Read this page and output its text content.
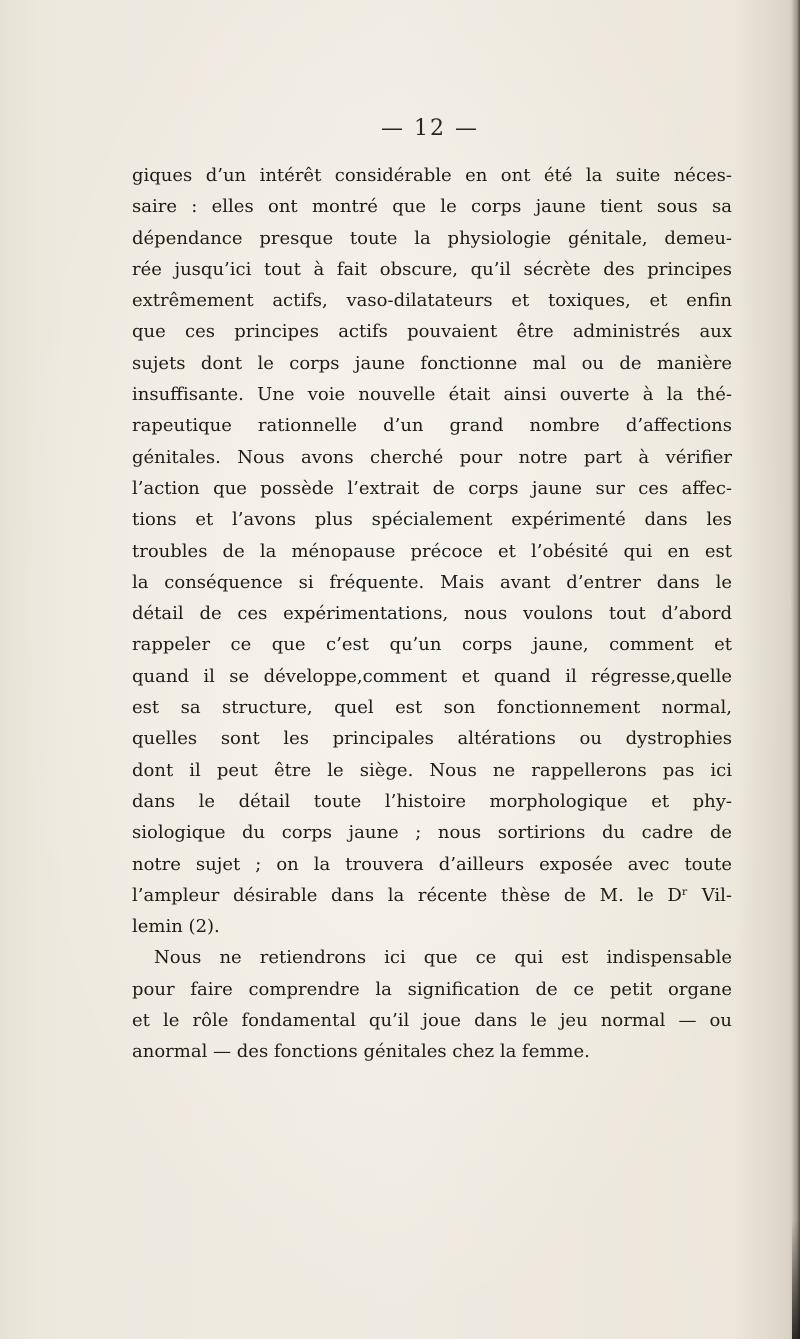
— 12 —
giques d’un intérêt considérable en ont été la suite néces-
saire : elles ont montré que le corps jaune tient sous sa
dépendance presque toute la physiologie génitale, demeu-
rée jusqu’ici tout à fait obscure, qu’il sécrète des principes
extrêmement actifs, vaso-dilatateurs et toxiques, et enfin
que ces principes actifs pouvaient être administrés aux
sujets dont le corps jaune fonctionne mal ou de manière
insuffisante. Une voie nouvelle était ainsi ouverte à la thé-
rapeutique rationnelle d’un grand nombre d’affections
génitales. Nous avons cherché pour notre part à vérifier
l’action que possède l’extrait de corps jaune sur ces affec-
tions et l’avons plus spécialement expérimenté dans les
troubles de la ménopause précoce et l’obésité qui en est
la conséquence si fréquente. Mais avant d’entrer dans le
détail de ces expérimentations, nous voulons tout d’abord
rappeler ce que c’est qu’un corps jaune, comment et
quand il se développe,comment et quand il régresse,quelle
est sa structure, quel est son fonctionnement normal,
quelles sont les principales altérations ou dystrophies
dont il peut être le siège. Nous ne rappellerons pas ici
dans le détail toute l’histoire morphologique et phy-
siologique du corps jaune ; nous sortirions du cadre de
notre sujet ; on la trouvera d’ailleurs exposée avec toute
l’ampleur désirable dans la récente thèse de M. le Dʳ Vil-
lemin (2).
Nous ne retiendrons ici que ce qui est indispensable
pour faire comprendre la signification de ce petit organe
et le rôle fondamental qu’il joue dans le jeu normal — ou
anormal — des fonctions génitales chez la femme.
